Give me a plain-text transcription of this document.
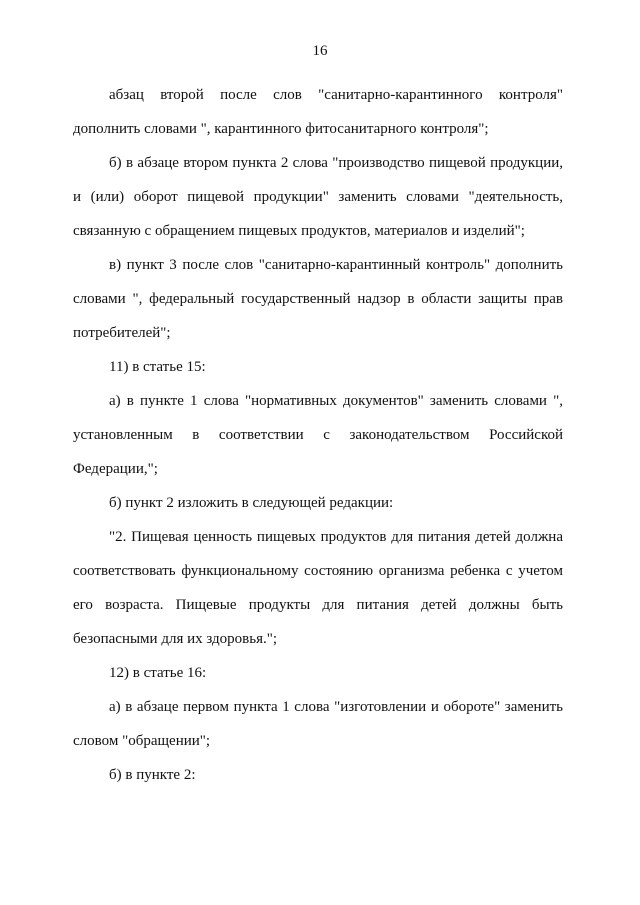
16

абзац второй после слов "санитарно-карантинного контроля" дополнить словами ", карантинного фитосанитарного контроля";

б) в абзаце втором пункта 2 слова "производство пищевой продукции, и (или) оборот пищевой продукции" заменить словами "деятельность, связанную с обращением пищевых продуктов, материалов и изделий";

в) пункт 3 после слов "санитарно-карантинный контроль" дополнить словами ", федеральный государственный надзор в области защиты прав потребителей";

11) в статье 15:

а) в пункте 1 слова "нормативных документов" заменить словами ", установленным в соответствии с законодательством Российской Федерации,";

б) пункт 2 изложить в следующей редакции:

"2. Пищевая ценность пищевых продуктов для питания детей должна соответствовать функциональному состоянию организма ребенка с учетом его возраста. Пищевые продукты для питания детей должны быть безопасными для их здоровья.";

12) в статье 16:

а) в абзаце первом пункта 1 слова "изготовлении и обороте" заменить словом "обращении";

б) в пункте 2:
